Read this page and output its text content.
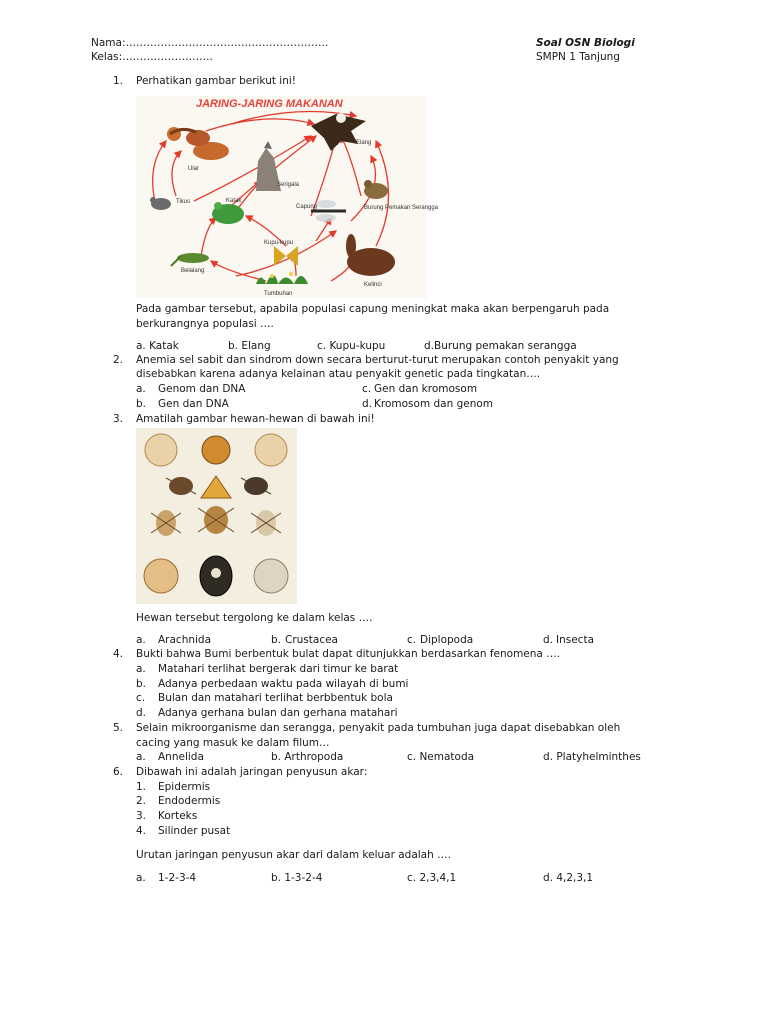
Nama:………………………………………………….
Kelas:……………………..
Soal OSN Biologi
SMPN 1 Tanjung
1. Perhatikan gambar berikut ini!
JARING-JARING MAKANAN
Ular
Elang
Serigala
Tikus	Katak
Capung	Burung Pemakan Serangga
Kupu-kupu
Belalang
Kelinci
Tumbuhan
Pada gambar tersebut, apabila populasi capung meningkat maka akan berpengaruh pada
berkurangnya populasi ….
a. Katak	b. Elang	c. Kupu-kupu	d.Burung pemakan serangga
2. Anemia sel sabit dan sindrom down secara berturut-turut merupakan contoh penyakit yang
disebabkan karena adanya kelainan atau penyakit genetic pada tingkatan….
a. Genom dan DNA	c. Gen dan kromosom
b. Gen dan DNA	d. Kromosom dan genom
3. Amatilah gambar hewan-hewan di bawah ini!
Hewan tersebut tergolong ke dalam kelas ….
a. Arachnida	b. Crustacea	c. Diplopoda	d. Insecta
4. Bukti bahwa Bumi berbentuk bulat dapat ditunjukkan berdasarkan fenomena ….
a. Matahari terlihat bergerak dari timur ke barat
b. Adanya perbedaan waktu pada wilayah di bumi
c. Bulan dan matahari terlihat berbbentuk bola
d. Adanya gerhana bulan dan gerhana matahari
5. Selain mikroorganisme dan serangga, penyakit pada tumbuhan juga dapat disebabkan oleh
cacing yang masuk ke dalam filum…
a. Annelida	b. Arthropoda	c. Nematoda	d. Platyhelminthes
6. Dibawah ini adalah jaringan penyusun akar:
1. Epidermis
2. Endodermis
3. Korteks
4. Silinder pusat
Urutan jaringan penyusun akar dari dalam keluar adalah ….
a. 1-2-3-4	b. 1-3-2-4	c. 2,3,4,1	d. 4,2,3,1
